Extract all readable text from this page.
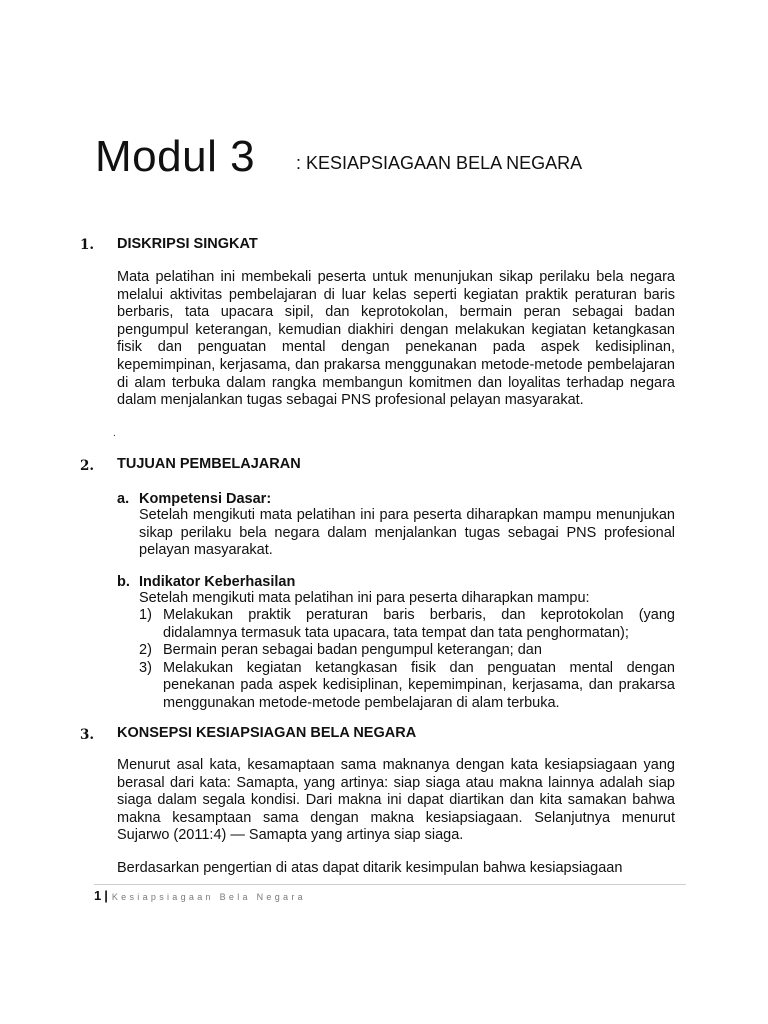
Modul 3 : KESIAPSIAGAAN BELA NEGARA
1. DISKRIPSI SINGKAT
Mata pelatihan ini membekali peserta untuk menunjukan sikap perilaku bela negara melalui aktivitas pembelajaran di luar kelas seperti kegiatan praktik peraturan baris berbaris, tata upacara sipil, dan keprotokolan, bermain peran sebagai badan pengumpul keterangan, kemudian diakhiri dengan melakukan kegiatan ketangkasan fisik dan penguatan mental dengan penekanan pada aspek kedisiplinan, kepemimpinan, kerjasama, dan prakarsa menggunakan metode-metode pembelajaran di alam terbuka dalam rangka membangun komitmen dan loyalitas terhadap negara dalam menjalankan tugas sebagai PNS profesional pelayan masyarakat.
.
2. TUJUAN PEMBELAJARAN
a. Kompetensi Dasar:
Setelah mengikuti mata pelatihan ini para peserta diharapkan mampu menunjukan sikap perilaku bela negara dalam menjalankan tugas sebagai PNS profesional pelayan masyarakat.
b. Indikator Keberhasilan
Setelah mengikuti mata pelatihan ini para peserta diharapkan mampu:
1) Melakukan praktik peraturan baris berbaris, dan keprotokolan (yang didalamnya termasuk tata upacara, tata tempat dan tata penghormatan);
2) Bermain peran sebagai badan pengumpul keterangan; dan
3) Melakukan kegiatan ketangkasan fisik dan penguatan mental dengan penekanan pada aspek kedisiplinan, kepemimpinan, kerjasama, dan prakarsa menggunakan metode-metode pembelajaran di alam terbuka.
3. KONSEPSI KESIAPSIAGAN BELA NEGARA
Menurut asal kata, kesamaptaan sama maknanya dengan kata kesiapsiagaan yang berasal dari kata: Samapta, yang artinya: siap siaga atau makna lainnya adalah siap siaga dalam segala kondisi. Dari makna ini dapat diartikan dan kita samakan bahwa makna kesamptaan sama dengan makna kesiapsiagaan. Selanjutnya menurut Sujarwo (2011:4) — Samapta yang artinya siap siaga.
Berdasarkan pengertian di atas dapat ditarik kesimpulan bahwa kesiapsiagaan
1 | Kesiapsiagaan Bela Negara
